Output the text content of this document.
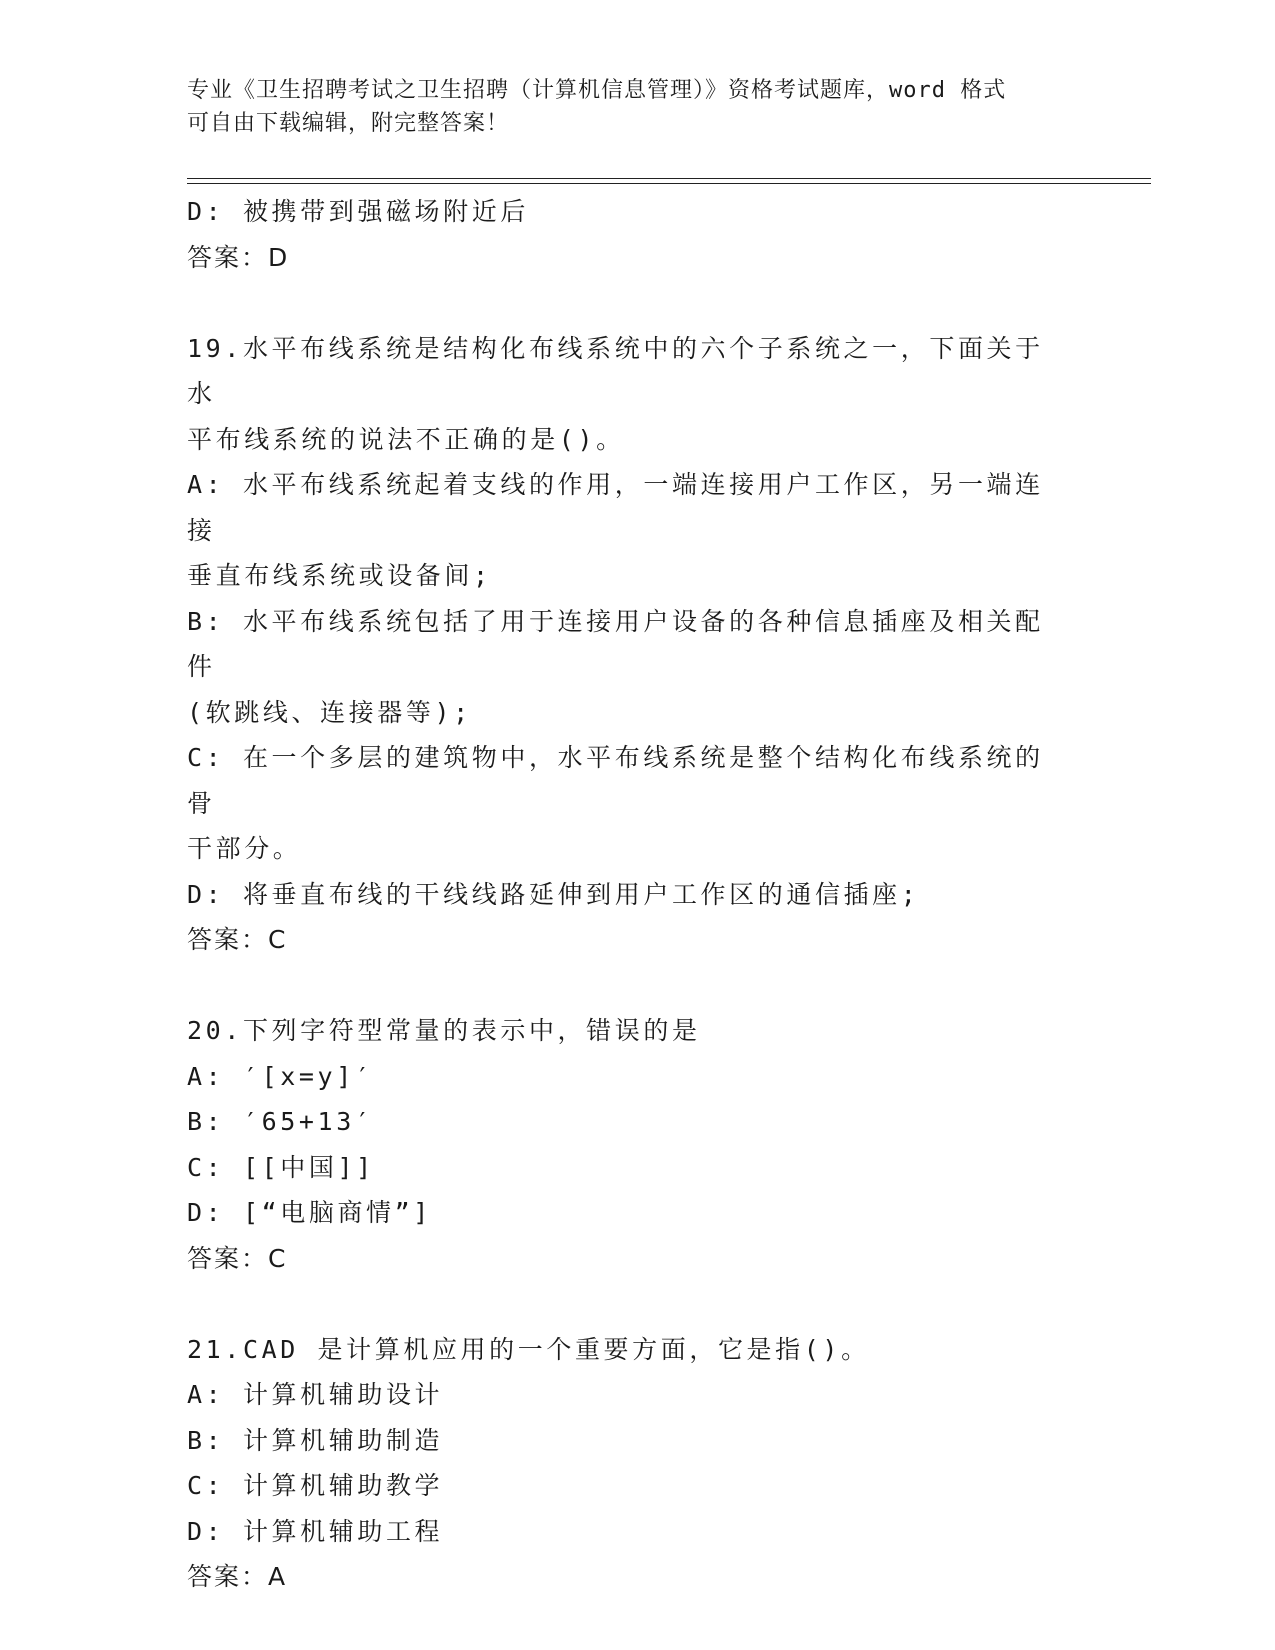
专业《卫生招聘考试之卫生招聘（计算机信息管理）》资格考试题库，word 格式
可自由下载编辑，附完整答案！
D: 被携带到强磁场附近后
答案：D
19.水平布线系统是结构化布线系统中的六个子系统之一，下面关于水
平布线系统的说法不正确的是()。
A: 水平布线系统起着支线的作用，一端连接用户工作区，另一端连接
垂直布线系统或设备间;
B: 水平布线系统包括了用于连接用户设备的各种信息插座及相关配件
(软跳线、连接器等);
C: 在一个多层的建筑物中，水平布线系统是整个结构化布线系统的骨
干部分。
D: 将垂直布线的干线线路延伸到用户工作区的通信插座;
答案：C
20.下列字符型常量的表示中，错误的是
A: ′[x=y]′
B: ′65+13′
C: [[中国]]
D: [“电脑商情”]
答案：C
21.CAD 是计算机应用的一个重要方面，它是指()。
A: 计算机辅助设计
B: 计算机辅助制造
C: 计算机辅助教学
D: 计算机辅助工程
答案：A
